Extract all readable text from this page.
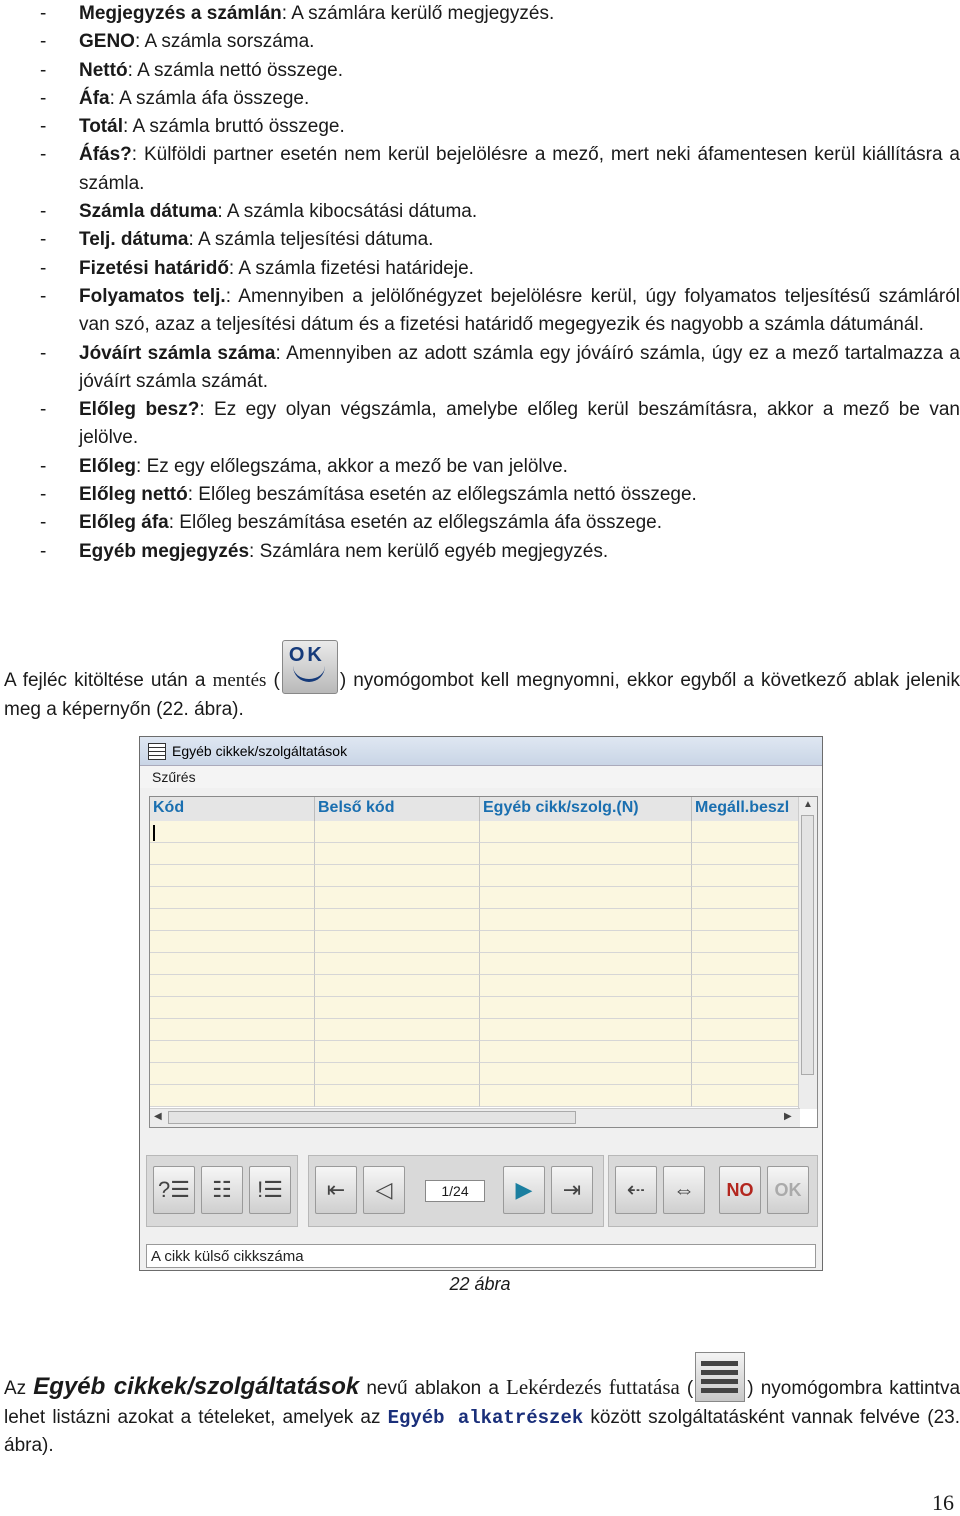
-	Megjegyzés a számlán: A számlára kerülő megjegyzés.
-	GENO: A számla sorszáma.
-	Nettó: A számla nettó összege.
-	Áfa: A számla áfa összege.
-	Totál: A számla bruttó összege.
-	Áfás?: Külföldi partner esetén nem kerül bejelölésre a mező, mert neki áfamentesen kerül kiállításra a számla.
-	Számla dátuma: A számla kibocsátási dátuma.
-	Telj. dátuma: A számla teljesítési dátuma.
-	Fizetési határidő: A számla fizetési határideje.
-	Folyamatos telj.: Amennyiben a jelölőnégyzet bejelölésre kerül, úgy folyamatos teljesítésű számláról van szó, azaz a teljesítési dátum és a fizetési határidő megegyezik és nagyobb a számla dátumánál.
-	Jóváírt számla száma: Amennyiben az adott számla egy jóváíró számla, úgy ez a mező tartalmazza a jóváírt számla számát.
-	Előleg besz?: Ez egy olyan végszámla, amelybe előleg kerül beszámításra, akkor a mező be van jelölve.
-	Előleg: Ez egy előlegszáma, akkor a mező be van jelölve.
-	Előleg nettó: Előleg beszámítása esetén az előlegszámla nettó összege.
-	Előleg áfa: Előleg beszámítása esetén az előlegszámla áfa összege.
-	Egyéb megjegyzés: Számlára nem kerülő egyéb megjegyzés.
A fejléc kitöltése után a mentés (
OK
) nyomógombot kell megnyomni, ekkor egyből a következő ablak jelenik meg a képernyőn (22. ábra).
Egyéb cikkek/szolgáltatások
Szűrés
Kód	Belső kód	Egyéb cikk/szolg.(N)	Megáll.beszl	▲
◀	▶
?☰	☷	!☰	⇤	◁	1/24	▶	⇥	⇠	⇔	NO	OK
A cikk külső cikkszáma
22 ábra
Az Egyéb cikkek/szolgáltatások nevű ablakon a Lekérdezés futtatása (	) nyomógombra kattintva lehet listázni azokat a tételeket, amelyek az Egyéb alkatrészek között szolgáltatásként vannak felvéve (23. ábra).
16
